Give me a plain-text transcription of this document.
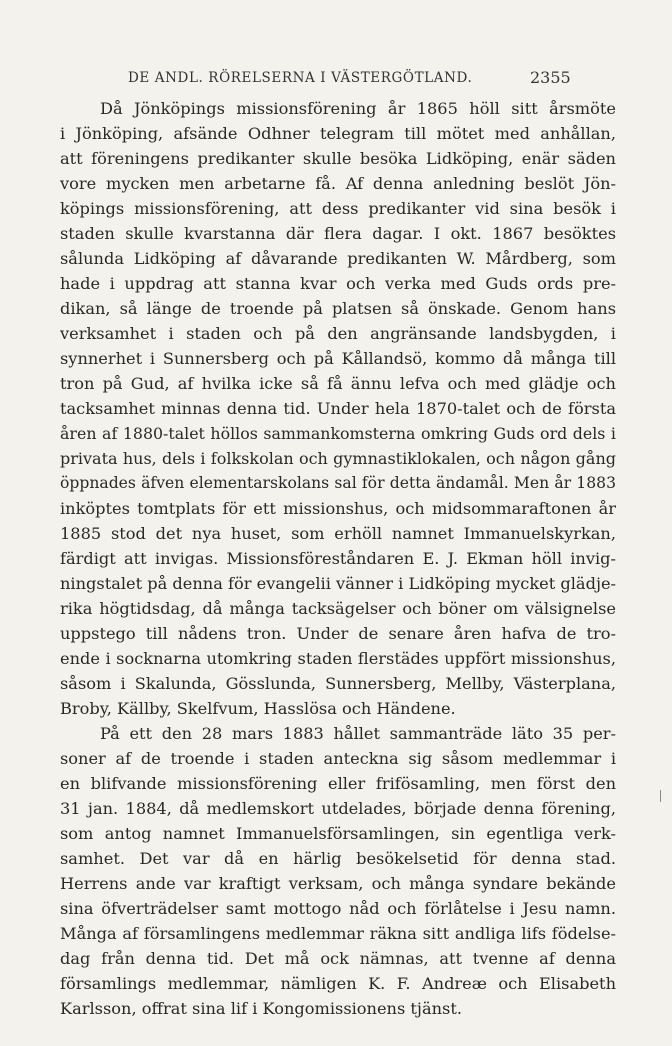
DE ANDL. RÖRELSERNA I VÄSTERGÖTLAND.	2355
Då Jönköpings missionsförening år 1865 höll sitt årsmöte
i Jönköping, afsände Odhner telegram till mötet med anhållan,
att föreningens predikanter skulle besöka Lidköping, enär säden
vore mycken men arbetarne få. Af denna anledning beslöt Jön-
köpings missionsförening, att dess predikanter vid sina besök i
staden skulle kvarstanna där flera dagar. I okt. 1867 besöktes
sålunda Lidköping af dåvarande predikanten W. Mårdberg, som
hade i uppdrag att stanna kvar och verka med Guds ords pre-
dikan, så länge de troende på platsen så önskade. Genom hans
verksamhet i staden och på den angränsande landsbygden, i
synnerhet i Sunnersberg och på Kållandsö, kommo då många till
tron på Gud, af hvilka icke så få ännu lefva och med glädje och
tacksamhet minnas denna tid. Under hela 1870-talet och de första
åren af 1880-talet höllos sammankomsterna omkring Guds ord dels i
privata hus, dels i folkskolan och gymnastiklokalen, och någon gång
öppnades äfven elementarskolans sal för detta ändamål. Men år 1883
inköptes tomtplats för ett missionshus, och midsommaraftonen år
1885 stod det nya huset, som erhöll namnet Immanuelskyrkan,
färdigt att invigas. Missionsföreståndaren E. J. Ekman höll invig-
ningstalet på denna för evangelii vänner i Lidköping mycket glädje-
rika högtidsdag, då många tacksägelser och böner om välsignelse
uppstego till nådens tron. Under de senare åren hafva de tro-
ende i socknarna utomkring staden flerstädes uppfört missionshus,
såsom i Skalunda, Gösslunda, Sunnersberg, Mellby, Västerplana,
Broby, Källby, Skelfvum, Hasslösa och Händene.
På ett den 28 mars 1883 hållet sammanträde läto 35 per-
soner af de troende i staden anteckna sig såsom medlemmar i
en blifvande missionsförening eller frifösamling, men först den
31 jan. 1884, då medlemskort utdelades, började denna förening,
som antog namnet Immanuelsförsamlingen, sin egentliga verk-
samhet. Det var då en härlig besökelsetid för denna stad.
Herrens ande var kraftigt verksam, och många syndare bekände
sina öfverträdelser samt mottogo nåd och förlåtelse i Jesu namn.
Många af församlingens medlemmar räkna sitt andliga lifs födelse-
dag från denna tid. Det må ock nämnas, att tvenne af denna
församlings medlemmar, nämligen K. F. Andreæ och Elisabeth
Karlsson, offrat sina lif i Kongomissionens tjänst.
